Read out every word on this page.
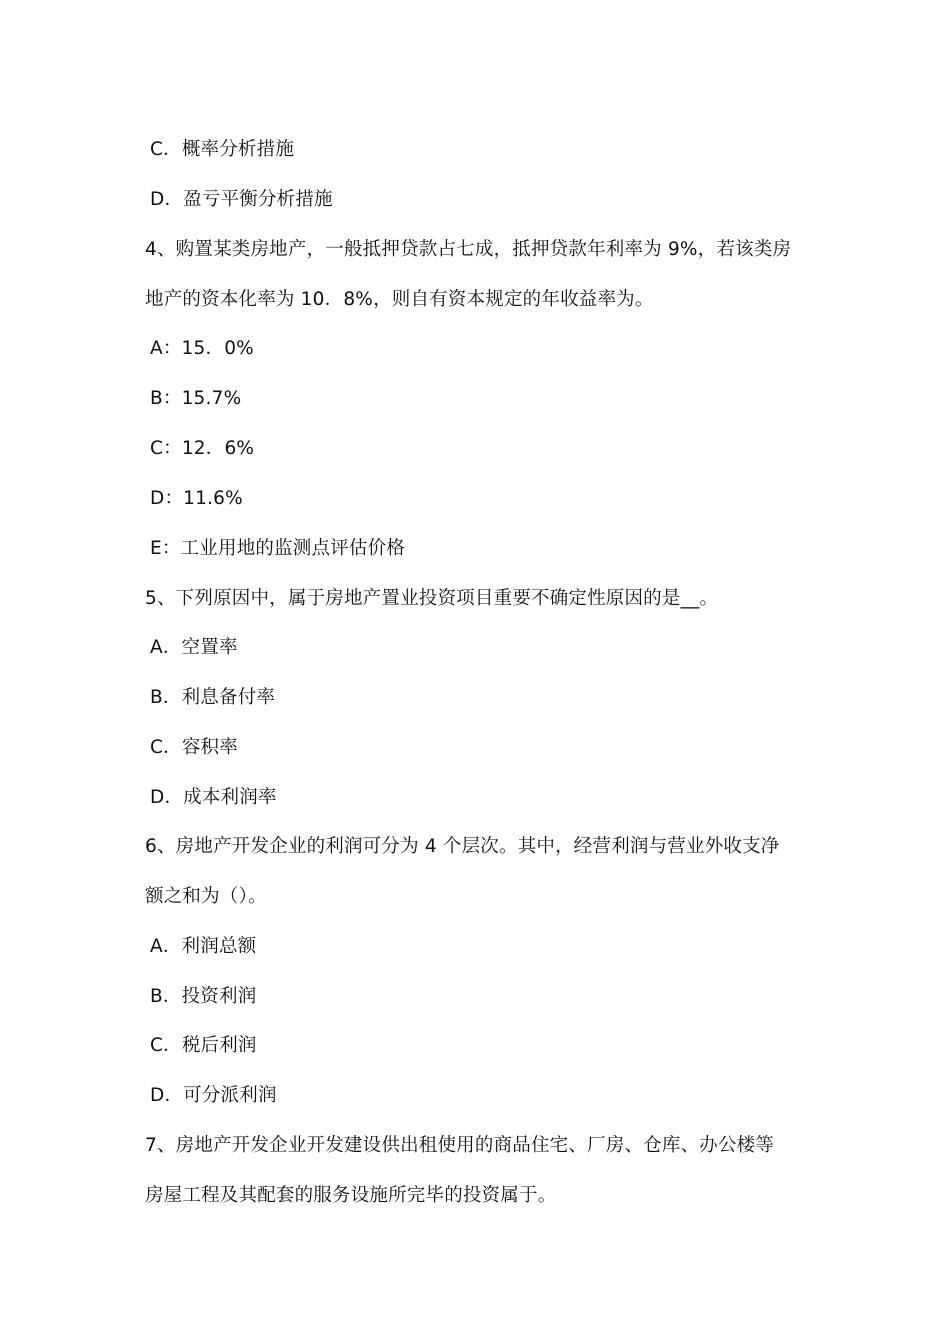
C．概率分析措施
D．盈亏平衡分析措施
4、购置某类房地产，一般抵押贷款占七成，抵押贷款年利率为 9%，若该类房
地产的资本化率为 10．8%，则自有资本规定的年收益率为。
A：15．0%
B：15.7%
C：12．6%
D：11.6%
E：工业用地的监测点评估价格
5、下列原因中，属于房地产置业投资项目重要不确定性原因的是__。
A．空置率
B．利息备付率
C．容积率
D．成本利润率
6、房地产开发企业的利润可分为 4 个层次。其中，经营利润与营业外收支净
额之和为（）。
A．利润总额
B．投资利润
C．税后利润
D．可分派利润
7、房地产开发企业开发建设供出租使用的商品住宅、厂房、仓库、办公楼等
房屋工程及其配套的服务设施所完毕的投资属于。
